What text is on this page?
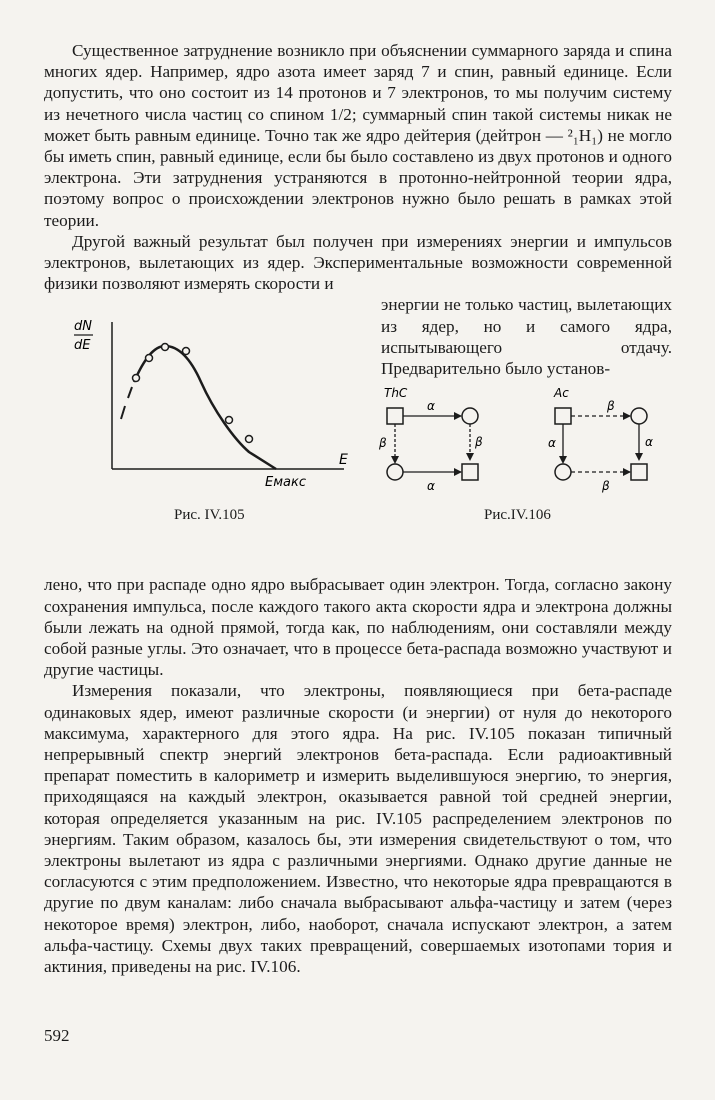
Существенное затруднение возникло при объяснении суммарного заряда и спина многих ядер. Например, ядро азота имеет заряд 7 и спин, равный единице. Если допустить, что оно состоит из 14 протонов и 7 электронов, то мы получим систему из нечетного числа частиц со спином 1/2; суммарный спин такой системы никак не может быть равным единице. Точно так же ядро дейтерия (дейтрон — ²₁H₁) не могло бы иметь спин, равный единице, если бы было составлено из двух протонов и одного электрона. Эти затруднения устраняются в протонно-нейтронной теории ядра, поэтому вопрос о происхождении электронов нужно было решать в рамках этой теории.

Другой важный результат был получен при измерениях энергии и импульсов электронов, вылетающих из ядер. Экспериментальные возможности современной физики позволяют измерять скорости и

энергии не только частиц, вылетающих из ядер, но и самого ядра, испытывающего отдачу. Предварительно было установ-

dN
dE
E
Eмакс
ThC
α
β
β
α
Ac
β
α
α
β
Рис. IV.105	Рис.IV.106

лено, что при распаде одно ядро выбрасывает один электрон. Тогда, согласно закону сохранения импульса, после каждого такого акта скорости ядра и электрона должны были лежать на одной прямой, тогда как, по наблюдениям, они составляли между собой разные углы. Это означает, что в процессе бета-распада возможно участвуют и другие частицы.

Измерения показали, что электроны, появляющиеся при бета-распаде одинаковых ядер, имеют различные скорости (и энергии) от нуля до некоторого максимума, характерного для этого ядра. На рис. IV.105 показан типичный непрерывный спектр энергий электронов бета-распада. Если радиоактивный препарат поместить в калориметр и измерить выделившуюся энергию, то энергия, приходящаяся на каждый электрон, оказывается равной той средней энергии, которая определяется указанным на рис. IV.105 распределением электронов по энергиям. Таким образом, казалось бы, эти измерения свидетельствуют о том, что электроны вылетают из ядра с различными энергиями. Однако другие данные не согласуются с этим предположением. Известно, что некоторые ядра превращаются в другие по двум каналам: либо сначала выбрасывают альфа-частицу и затем (через некоторое время) электрон, либо, наоборот, сначала испускают электрон, а затем альфа-частицу. Схемы двух таких превращений, совершаемых изотопами тория и актиния, приведены на рис. IV.106.

592
